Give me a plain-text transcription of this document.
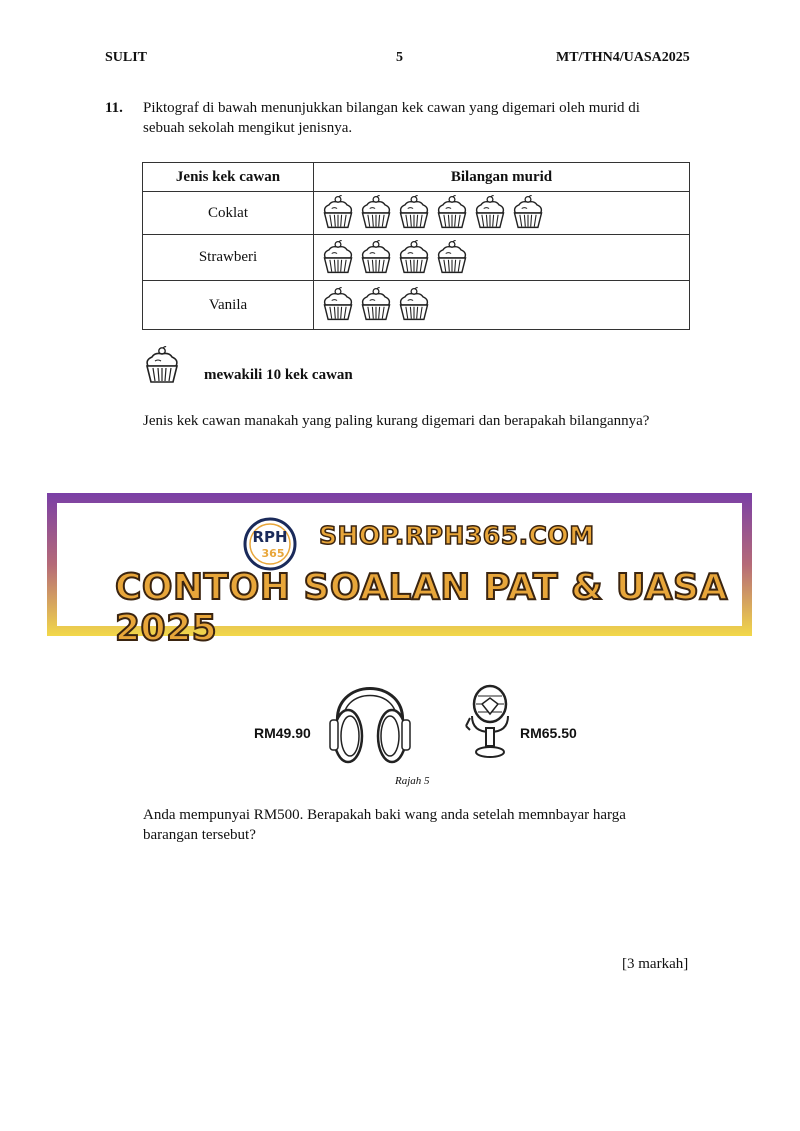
SULIT	5	MT/THN4/UASA2025
11. Piktograf di bawah menunjukkan bilangan kek cawan yang digemari oleh murid di
sebuah sekolah mengikut jenisnya.
Jenis kek cawan	Bilangan murid
Coklat	
Strawberi	
Vanila	
mewakili 10 kek cawan
Jenis kek cawan manakah yang paling kurang digemari dan berapakah bilangannya?
RPH
365
SHOP.RPH365.COM
CONTOH SOALAN PAT & UASA 2025
RM49.90	RM65.50
Rajah 5
Anda mempunyai RM500. Berapakah baki wang anda setelah memnbayar harga
barangan tersebut?
[3 markah]
